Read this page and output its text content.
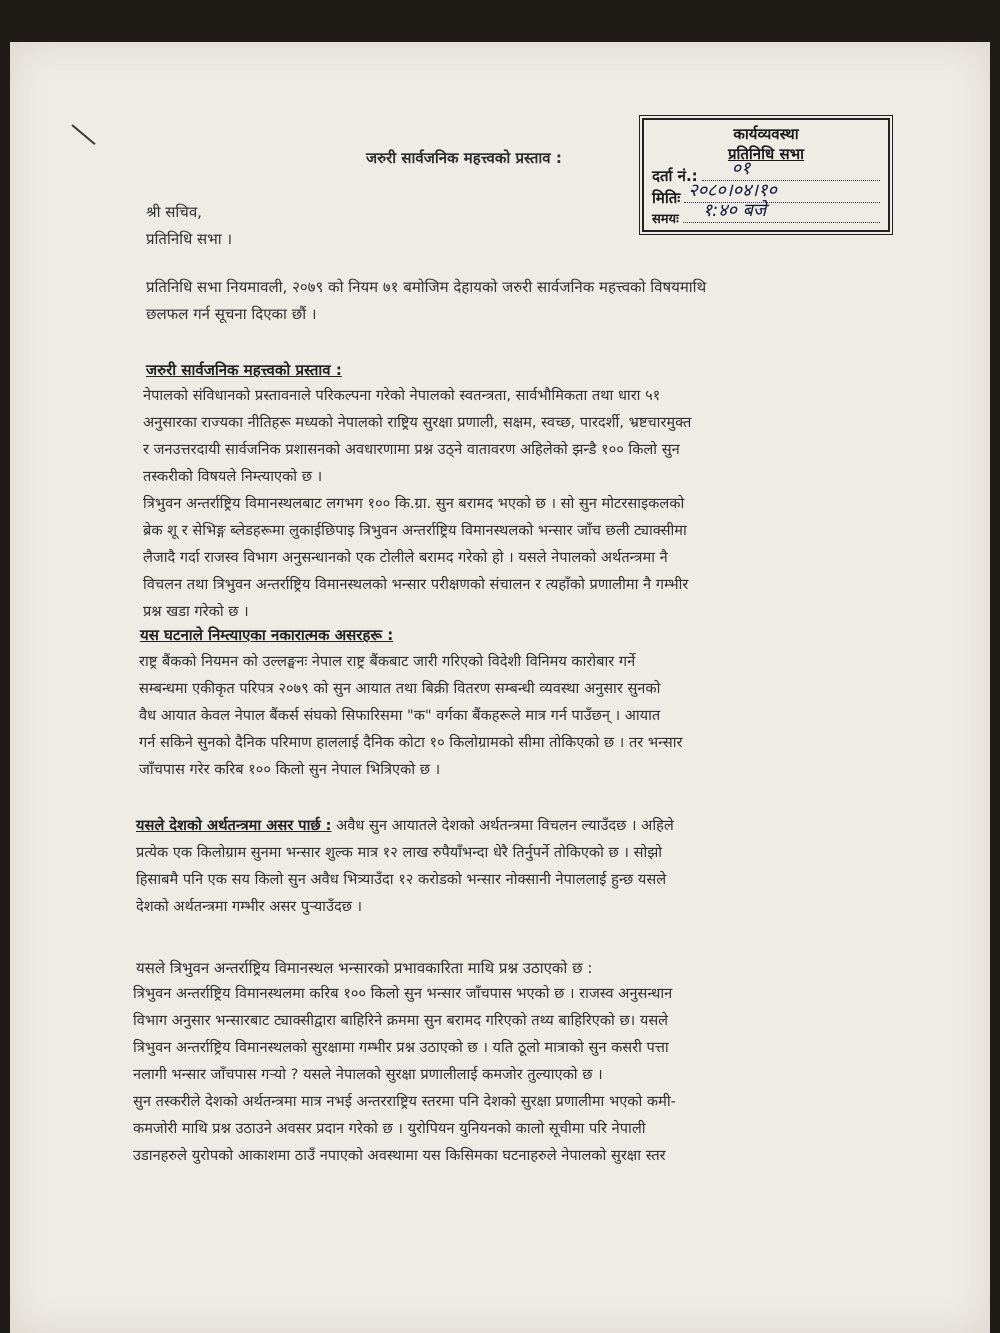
कार्यव्यवस्था
प्रतिनिधि सभा
दर्ता नं.: ०१
मितिः २०८०।०४।१०
समयः १:४० बजे
जरुरी सार्वजनिक महत्त्वको प्रस्ताव :
श्री सचिव,
प्रतिनिधि सभा ।
प्रतिनिधि सभा नियमावली, २०७९ को नियम ७१ बमोजिम देहायको जरुरी सार्वजनिक महत्त्वको विषयमाथि
छलफल गर्न सूचना दिएका छौं ।
जरुरी सार्वजनिक महत्त्वको प्रस्ताव :
नेपालको संविधानको प्रस्तावनाले परिकल्पना गरेको नेपालको स्वतन्त्रता, सार्वभौमिकता तथा धारा ५१
अनुसारका राज्यका नीतिहरू मध्यको नेपालको राष्ट्रिय सुरक्षा प्रणाली, सक्षम, स्वच्छ, पारदर्शी, भ्रष्टचारमुक्त
र जनउत्तरदायी सार्वजनिक प्रशासनको अवधारणामा प्रश्न उठ्ने वातावरण अहिलेको झन्डै १०० किलो सुन
तस्करीको विषयले निम्त्याएको छ ।
त्रिभुवन अन्तर्राष्ट्रिय विमानस्थलबाट लगभग १०० कि.ग्रा. सुन बरामद भएको छ । सो सुन मोटरसाइकलको
ब्रेक शू र सेभिङ्ग ब्लेडहरूमा लुकाईछिपाइ त्रिभुवन अन्तर्राष्ट्रिय विमानस्थलको भन्सार जाँच छली ट्याक्सीमा
लैजादै गर्दा राजस्व विभाग अनुसन्धानको एक टोलीले बरामद गरेको हो । यसले नेपालको अर्थतन्त्रमा नै
विचलन तथा त्रिभुवन अन्तर्राष्ट्रिय विमानस्थलको भन्सार परीक्षणको संचालन र त्यहाँको प्रणालीमा नै गम्भीर
प्रश्न खडा गरेको छ ।
यस घटनाले निम्त्याएका नकारात्मक असरहरू :
राष्ट्र बैंकको नियमन को उल्लङ्घनः नेपाल राष्ट्र बैंकबाट जारी गरिएको विदेशी विनिमय कारोबार गर्ने
सम्बन्धमा एकीकृत परिपत्र २०७९ को सुन आयात तथा बिक्री वितरण सम्बन्धी व्यवस्था अनुसार सुनको
वैध आयात केवल नेपाल बैंकर्स संघको सिफारिसमा "क" वर्गका बैंकहरूले मात्र गर्न पाउँछन् । आयात
गर्न सकिने सुनको दैनिक परिमाण हाललाई दैनिक कोटा १० किलोग्रामको सीमा तोकिएको छ । तर भन्सार
जाँचपास गरेर करिब १०० किलो सुन नेपाल भित्रिएको छ ।
यसले देशको अर्थतन्त्रमा असर पार्छ : अवैध सुन आयातले देशको अर्थतन्त्रमा विचलन ल्याउँदछ । अहिले
प्रत्येक एक किलोग्राम सुनमा भन्सार शुल्क मात्र १२ लाख रुपैयाँभन्दा धेरै तिर्नुपर्ने तोकिएको छ । सोझो
हिसाबमै पनि एक सय किलो सुन अवैध भित्र्याउँदा १२ करोडको भन्सार नोक्सानी नेपाललाई हुन्छ यसले
देशको अर्थतन्त्रमा गम्भीर असर पुर्‍याउँदछ ।
यसले त्रिभुवन अन्तर्राष्ट्रिय विमानस्थल भन्सारको प्रभावकारिता माथि प्रश्न उठाएको छ :
त्रिभुवन अन्तर्राष्ट्रिय विमानस्थलमा करिब १०० किलो सुन भन्सार जाँचपास भएको छ । राजस्व अनुसन्धान
विभाग अनुसार भन्सारबाट ट्याक्सीद्वारा बाहिरिने क्रममा सुन बरामद गरिएको तथ्य बाहिरिएको छ। यसले
त्रिभुवन अन्तर्राष्ट्रिय विमानस्थलको सुरक्षामा गम्भीर प्रश्न उठाएको छ । यति ठूलो मात्राको सुन कसरी पत्ता
नलागी भन्सार जाँचपास गर्‍यो ? यसले नेपालको सुरक्षा प्रणालीलाई कमजोर तुल्याएको छ ।
सुन तस्करीले देशको अर्थतन्त्रमा मात्र नभई अन्तरराष्ट्रिय स्तरमा पनि देशको सुरक्षा प्रणालीमा भएको कमी-
कमजोरी माथि प्रश्न उठाउने अवसर प्रदान गरेको छ । युरोपियन युनियनको कालो सूचीमा परि नेपाली
उडानहरुले युरोपको आकाशमा ठाउँ नपाएको अवस्थामा यस किसिमका घटनाहरुले नेपालको सुरक्षा स्तर
